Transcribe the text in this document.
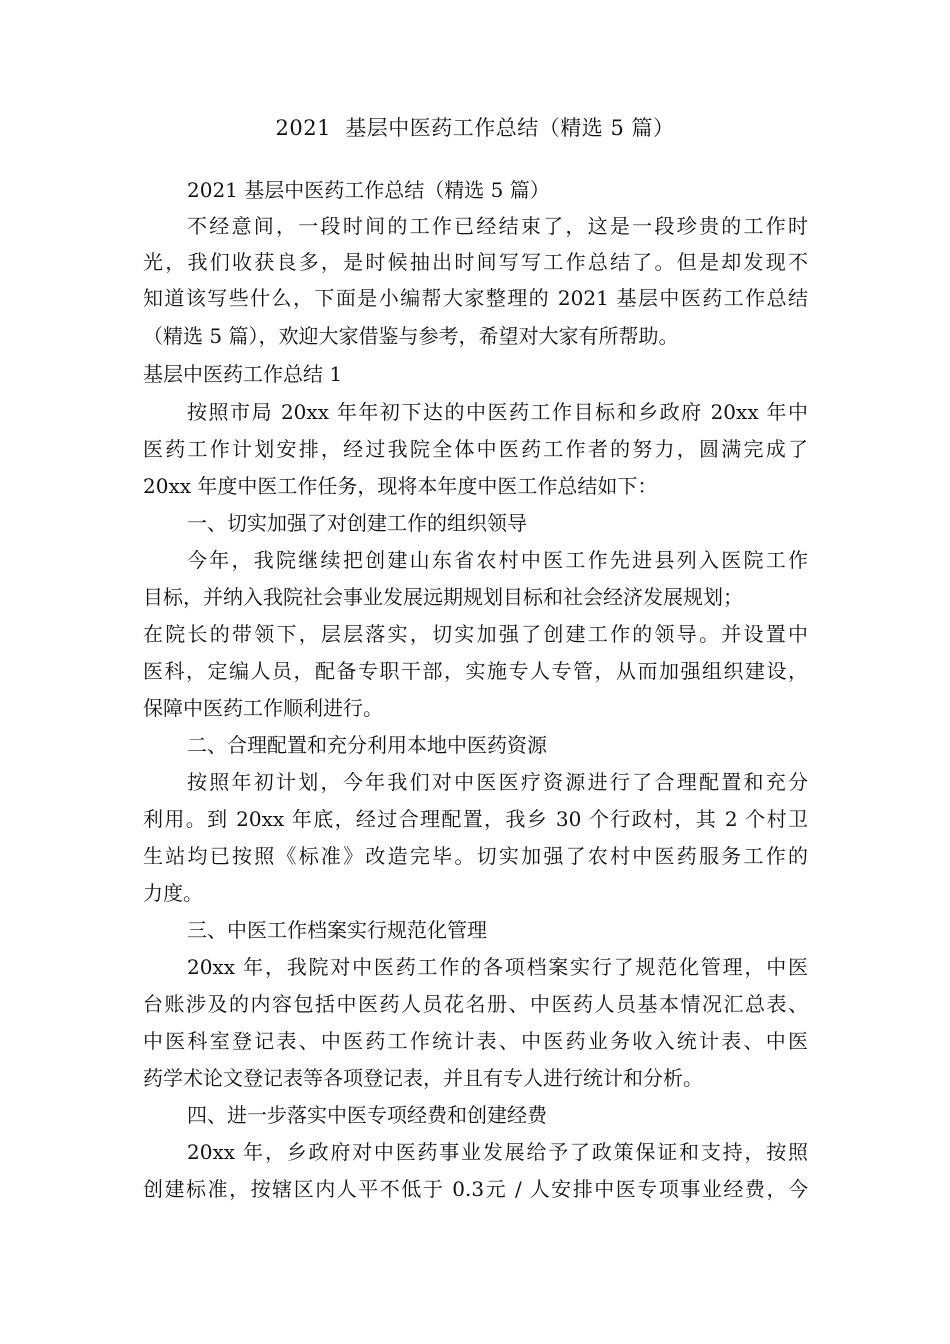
2021  基层中医药工作总结（精选 5 篇）
2021 基层中医药工作总结（精选 5 篇）
不经意间，一段时间的工作已经结束了，这是一段珍贵的工作时
光，我们收获良多，是时候抽出时间写写工作总结了。但是却发现不
知道该写些什么，下面是小编帮大家整理的 2021 基层中医药工作总结
（精选 5 篇），欢迎大家借鉴与参考，希望对大家有所帮助。
基层中医药工作总结 1
按照市局 20xx 年年初下达的中医药工作目标和乡政府 20xx 年中
医药工作计划安排，经过我院全体中医药工作者的努力，圆满完成了
20xx 年度中医工作任务，现将本年度中医工作总结如下：
一、切实加强了对创建工作的组织领导
今年，我院继续把创建山东省农村中医工作先进县列入医院工作
目标，并纳入我院社会事业发展远期规划目标和社会经济发展规划；
在院长的带领下，层层落实，切实加强了创建工作的领导。并设置中
医科，定编人员，配备专职干部，实施专人专管，从而加强组织建设，
保障中医药工作顺利进行。
二、合理配置和充分利用本地中医药资源
按照年初计划，今年我们对中医医疗资源进行了合理配置和充分
利用。到 20xx 年底，经过合理配置，我乡 30 个行政村，其 2 个村卫
生站均已按照《标准》改造完毕。切实加强了农村中医药服务工作的
力度。
三、中医工作档案实行规范化管理
20xx 年，我院对中医药工作的各项档案实行了规范化管理，中医
台账涉及的内容包括中医药人员花名册、中医药人员基本情况汇总表、
中医科室登记表、中医药工作统计表、中医药业务收入统计表、中医
药学术论文登记表等各项登记表，并且有专人进行统计和分析。
四、进一步落实中医专项经费和创建经费
20xx 年，乡政府对中医药事业发展给予了政策保证和支持，按照
创建标准，按辖区内人平不低于 0.3元 / 人安排中医专项事业经费，今
